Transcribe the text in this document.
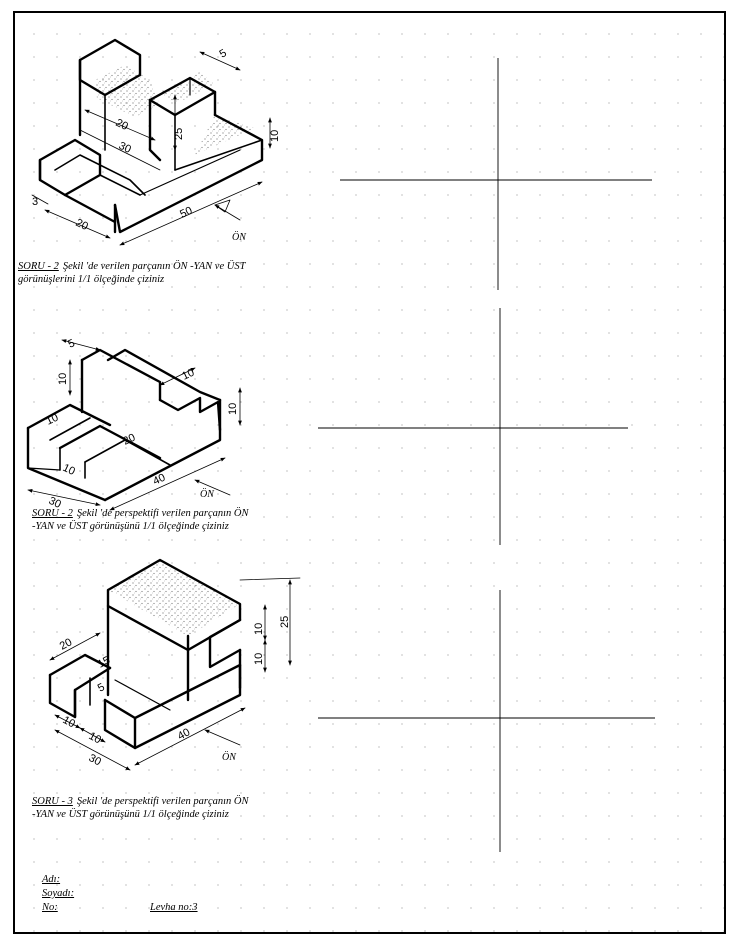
5
20
30
25	10
3
20
50
ÖN
5
10	10
10
10
20
10
40
30
ÖN
20
15
5
10
10
30
40
10
10
25
ÖN
SORU - 2 Şekil 'de verilen parçanın ÖN -YAN ve ÜST
görünüşlerini 1/1 ölçeğinde çiziniz
SORU - 2 Şekil 'de perspektifi verilen parçanın ÖN
-YAN ve ÜST görünüşünü 1/1 ölçeğinde çiziniz
SORU - 3 Şekil 'de perspektifi verilen parçanın ÖN
-YAN ve ÜST görünüşünü 1/1 ölçeğinde çiziniz
Adı:
Soyadı:
No:	Levha no:3
